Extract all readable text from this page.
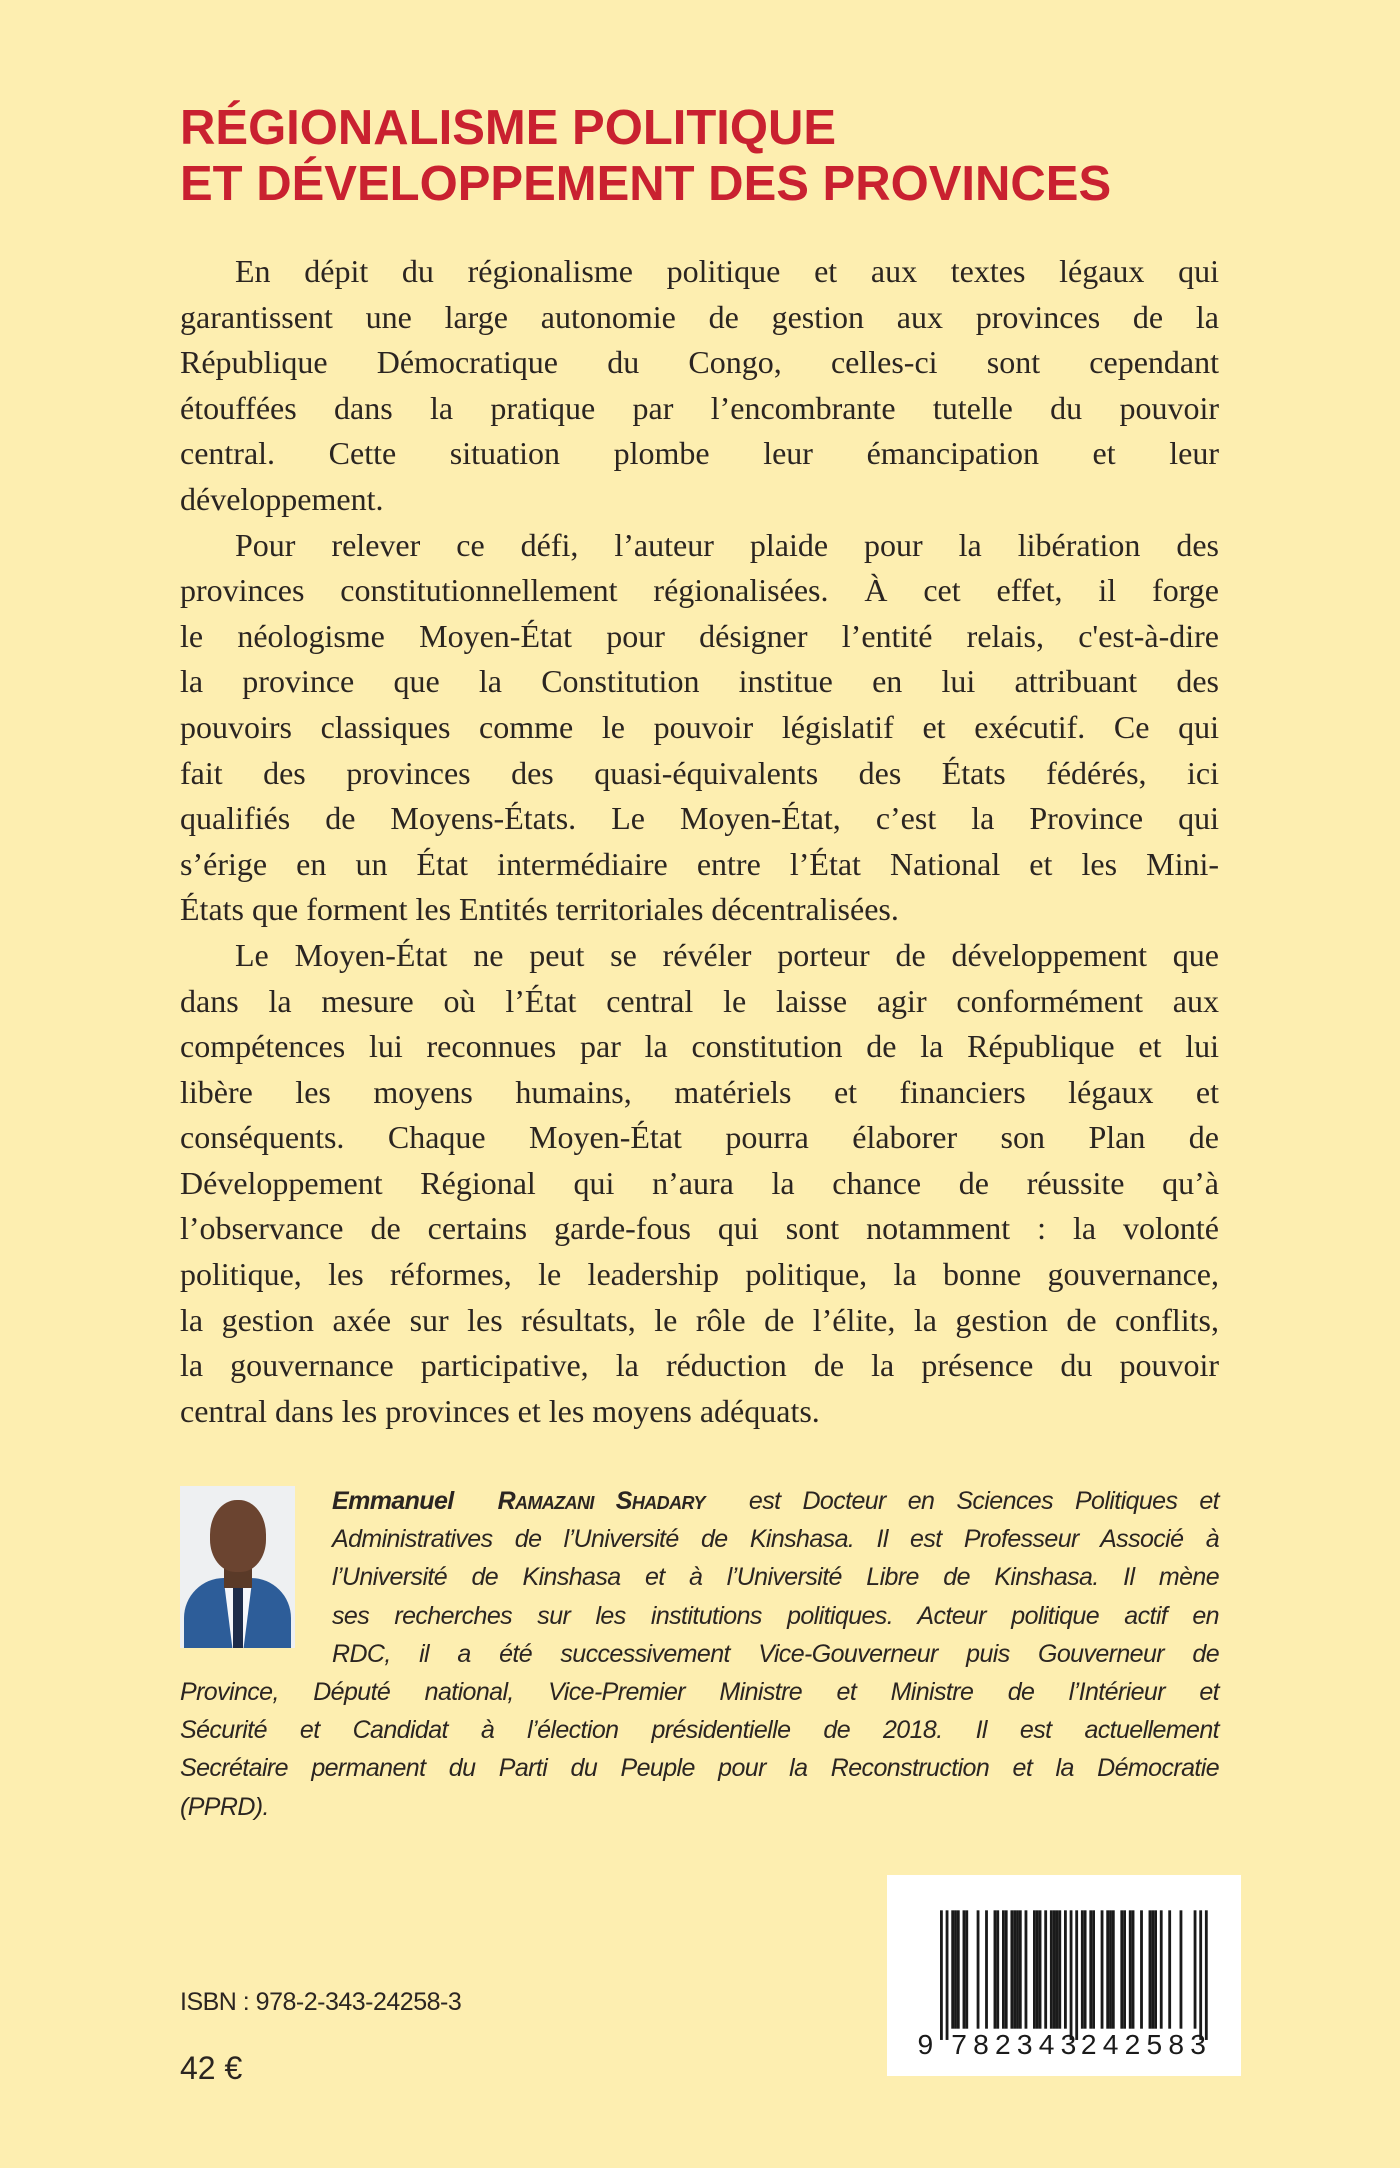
RÉGIONALISME POLITIQUE
ET DÉVELOPPEMENT DES PROVINCES
En dépit du régionalisme politique et aux textes légaux qui
garantissent une large autonomie de gestion aux provinces de la
République Démocratique du Congo, celles-ci sont cependant
étouffées dans la pratique par l’encombrante tutelle du pouvoir
central. Cette situation plombe leur émancipation et leur
développement.
Pour relever ce défi, l’auteur plaide pour la libération des
provinces constitutionnellement régionalisées. À cet effet, il forge
le néologisme Moyen-État pour désigner l’entité relais, c'est-à-dire
la province que la Constitution institue en lui attribuant des
pouvoirs classiques comme le pouvoir législatif et exécutif. Ce qui
fait des provinces des quasi-équivalents des États fédérés, ici
qualifiés de Moyens-États. Le Moyen-État, c’est la Province qui
s’érige en un État intermédiaire entre l’État National et les Mini-
États que forment les Entités territoriales décentralisées.
Le Moyen-État ne peut se révéler porteur de développement que
dans la mesure où l’État central le laisse agir conformément aux
compétences lui reconnues par la constitution de la République et lui
libère les moyens humains, matériels et financiers légaux et
conséquents. Chaque Moyen-État pourra élaborer son Plan de
Développement Régional qui n’aura la chance de réussite qu’à
l’observance de certains garde-fous qui sont notamment : la volonté
politique, les réformes, le leadership politique, la bonne gouvernance,
la gestion axée sur les résultats, le rôle de l’élite, la gestion de conflits,
la gouvernance participative, la réduction de la présence du pouvoir
central dans les provinces et les moyens adéquats.
Emmanuel Ramazani Shadary est Docteur en Sciences Politiques et
Administratives de l’Université de Kinshasa. Il est Professeur Associé à
l’Université de Kinshasa et à l’Université Libre de Kinshasa. Il mène
ses recherches sur les institutions politiques. Acteur politique actif en
RDC, il a été successivement Vice-Gouverneur puis Gouverneur de
Province, Député national, Vice-Premier Ministre et Ministre de l’Intérieur et
Sécurité et Candidat à l’élection présidentielle de 2018. Il est actuellement
Secrétaire permanent du Parti du Peuple pour la Reconstruction et la Démocratie
(PPRD).
ISBN : 978-2-343-24258-3
42 €
9 782343
242583
